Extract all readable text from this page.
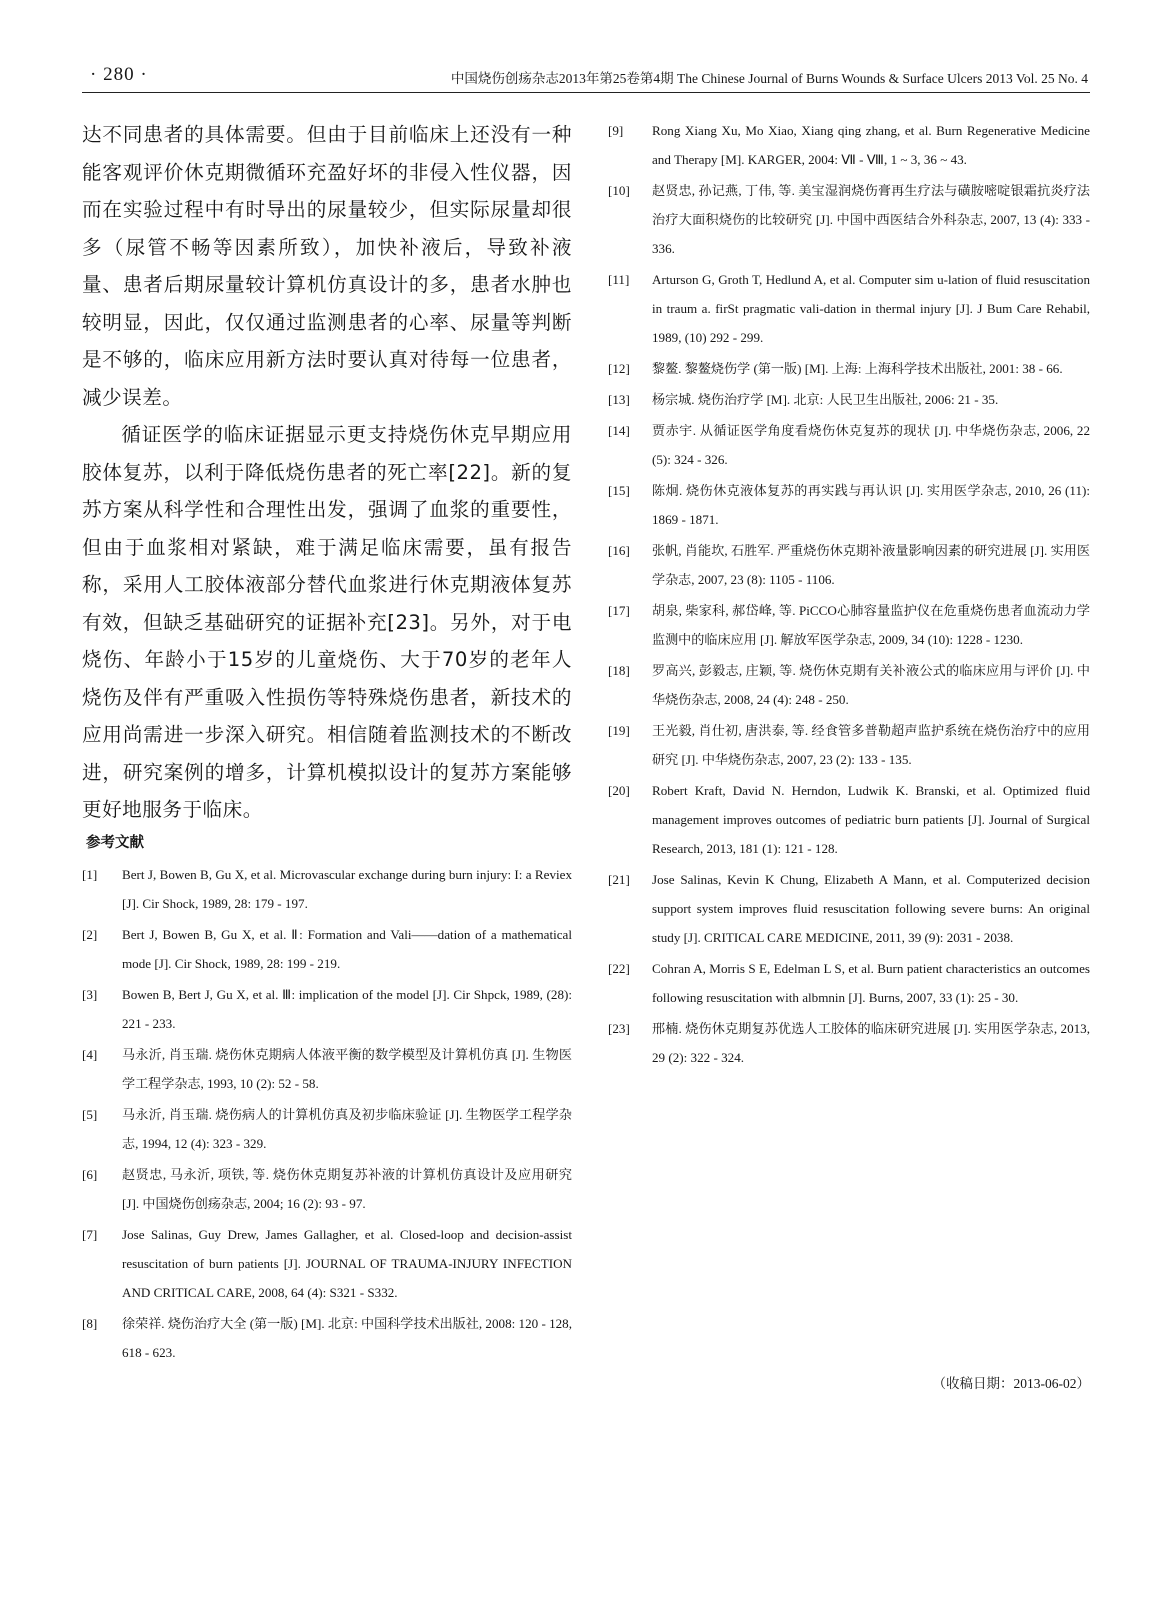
· 280 ·	中国烧伤创疡杂志2013年第25卷第4期 The Chinese Journal of Burns Wounds & Surface Ulcers 2013 Vol. 25 No. 4

达不同患者的具体需要。但由于目前临床上还没有一种能客观评价休克期微循环充盈好坏的非侵入性仪器，因而在实验过程中有时导出的尿量较少，但实际尿量却很多（尿管不畅等因素所致），加快补液后，导致补液量、患者后期尿量较计算机仿真设计的多，患者水肿也较明显，因此，仅仅通过监测患者的心率、尿量等判断是不够的，临床应用新方法时要认真对待每一位患者，减少误差。

循证医学的临床证据显示更支持烧伤休克早期应用胶体复苏，以利于降低烧伤患者的死亡率[22]。新的复苏方案从科学性和合理性出发，强调了血浆的重要性，但由于血浆相对紧缺，难于满足临床需要，虽有报告称，采用人工胶体液部分替代血浆进行休克期液体复苏有效，但缺乏基础研究的证据补充[23]。另外，对于电烧伤、年龄小于15岁的儿童烧伤、大于70岁的老年人烧伤及伴有严重吸入性损伤等特殊烧伤患者，新技术的应用尚需进一步深入研究。相信随着监测技术的不断改进，研究案例的增多，计算机模拟设计的复苏方案能够更好地服务于临床。

参考文献
[1] Bert J, Bowen B, Gu X, et al. Microvascular exchange during burn injury: I: a Reviex [J]. Cir Shock, 1989, 28: 179 - 197.
[2] Bert J, Bowen B, Gu X, et al. Ⅱ: Formation and Vali——dation of a mathematical mode [J]. Cir Shock, 1989, 28: 199 - 219.
[3] Bowen B, Bert J, Gu X, et al. Ⅲ: implication of the model [J]. Cir Shpck, 1989, (28): 221 - 233.
[4] 马永沂, 肖玉瑞. 烧伤休克期病人体液平衡的数学模型及计算机仿真 [J]. 生物医学工程学杂志, 1993, 10 (2): 52 - 58.
[5] 马永沂, 肖玉瑞. 烧伤病人的计算机仿真及初步临床验证 [J]. 生物医学工程学杂志, 1994, 12 (4): 323 - 329.
[6] 赵贤忠, 马永沂, 项铁, 等. 烧伤休克期复苏补液的计算机仿真设计及应用研究 [J]. 中国烧伤创疡杂志, 2004; 16 (2): 93 - 97.
[7] Jose Salinas, Guy Drew, James Gallagher, et al. Closed-loop and decision-assist resuscitation of burn patients [J]. JOURNAL OF TRAUMA-INJURY INFECTION AND CRITICAL CARE, 2008, 64 (4): S321 - S332.
[8] 徐荣祥. 烧伤治疗大全 (第一版) [M]. 北京: 中国科学技术出版社, 2008: 120 - 128, 618 - 623.
[9] Rong Xiang Xu, Mo Xiao, Xiang qing zhang, et al. Burn Regenerative Medicine and Therapy [M]. KARGER, 2004: Ⅶ - Ⅷ, 1 ~ 3, 36 ~ 43.
[10] 赵贤忠, 孙记燕, 丁伟, 等. 美宝湿润烧伤膏再生疗法与磺胺嘧啶银霜抗炎疗法治疗大面积烧伤的比较研究 [J]. 中国中西医结合外科杂志, 2007, 13 (4): 333 - 336.
[11] Arturson G, Groth T, Hedlund A, et al. Computer sim u-lation of fluid resuscitation in traum a. firSt pragmatic vali-dation in thermal injury [J]. J Bum Care Rehabil, 1989, (10) 292 - 299.
[12] 黎鳌. 黎鳌烧伤学 (第一版) [M]. 上海: 上海科学技术出版社, 2001: 38 - 66.
[13] 杨宗城. 烧伤治疗学 [M]. 北京: 人民卫生出版社, 2006: 21 - 35.
[14] 贾赤宇. 从循证医学角度看烧伤休克复苏的现状 [J]. 中华烧伤杂志, 2006, 22 (5): 324 - 326.
[15] 陈炯. 烧伤休克液体复苏的再实践与再认识 [J]. 实用医学杂志, 2010, 26 (11): 1869 - 1871.
[16] 张帆, 肖能坎, 石胜军. 严重烧伤休克期补液量影响因素的研究进展 [J]. 实用医学杂志, 2007, 23 (8): 1105 - 1106.
[17] 胡泉, 柴家科, 郝岱峰, 等. PiCCO心肺容量监护仪在危重烧伤患者血流动力学监测中的临床应用 [J]. 解放军医学杂志, 2009, 34 (10): 1228 - 1230.
[18] 罗高兴, 彭毅志, 庄颖, 等. 烧伤休克期有关补液公式的临床应用与评价 [J]. 中华烧伤杂志, 2008, 24 (4): 248 - 250.
[19] 王光毅, 肖仕初, 唐洪泰, 等. 经食管多普勒超声监护系统在烧伤治疗中的应用研究 [J]. 中华烧伤杂志, 2007, 23 (2): 133 - 135.
[20] Robert Kraft, David N. Herndon, Ludwik K. Branski, et al. Optimized fluid management improves outcomes of pediatric burn patients [J]. Journal of Surgical Research, 2013, 181 (1): 121 - 128.
[21] Jose Salinas, Kevin K Chung, Elizabeth A Mann, et al. Computerized decision support system improves fluid resuscitation following severe burns: An original study [J]. CRITICAL CARE MEDICINE, 2011, 39 (9): 2031 - 2038.
[22] Cohran A, Morris S E, Edelman L S, et al. Burn patient characteristics an outcomes following resuscitation with albmnin [J]. Burns, 2007, 33 (1): 25 - 30.
[23] 邢楠. 烧伤休克期复苏优选人工胶体的临床研究进展 [J]. 实用医学杂志, 2013, 29 (2): 322 - 324.
（收稿日期：2013-06-02）
